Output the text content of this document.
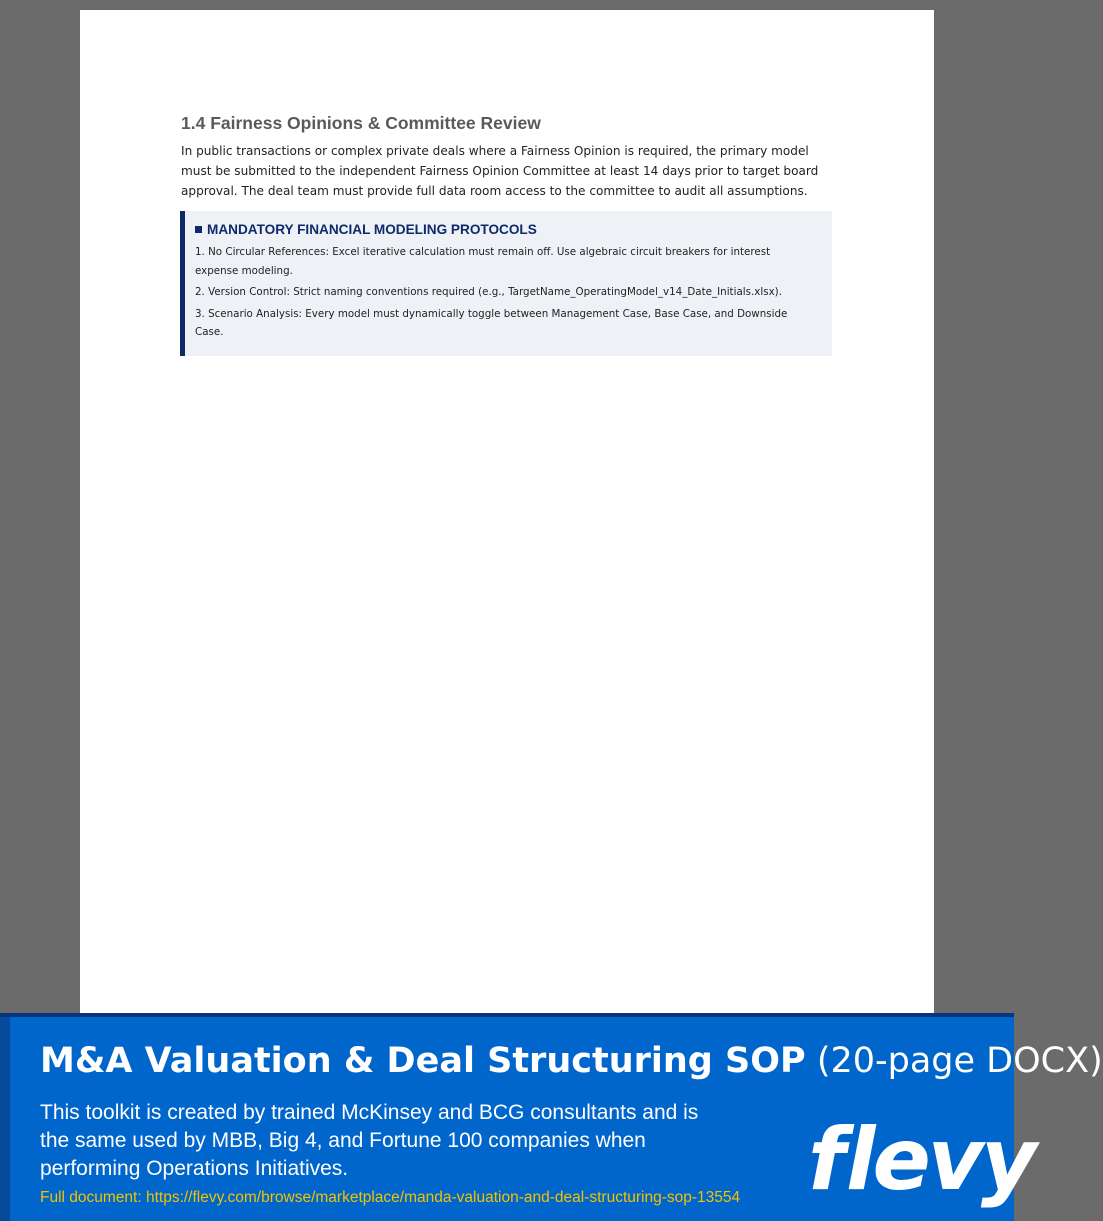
1.4 Fairness Opinions & Committee Review

In public transactions or complex private deals where a Fairness Opinion is required, the primary model must be submitted to the independent Fairness Opinion Committee at least 14 days prior to target board approval. The deal team must provide full data room access to the committee to audit all assumptions.

MANDATORY FINANCIAL MODELING PROTOCOLS

1. No Circular References: Excel iterative calculation must remain off. Use algebraic circuit breakers for interest expense modeling.

2. Version Control: Strict naming conventions required (e.g., TargetName_OperatingModel_v14_Date_Initials.xlsx).

3. Scenario Analysis: Every model must dynamically toggle between Management Case, Base Case, and Downside Case.

M&A Valuation & Deal Structuring SOP (20-page DOCX)

This toolkit is created by trained McKinsey and BCG consultants and is the same used by MBB, Big 4, and Fortune 100 companies when performing Operations Initiatives.

Full document: https://flevy.com/browse/marketplace/manda-valuation-and-deal-structuring-sop-13554 f levy
